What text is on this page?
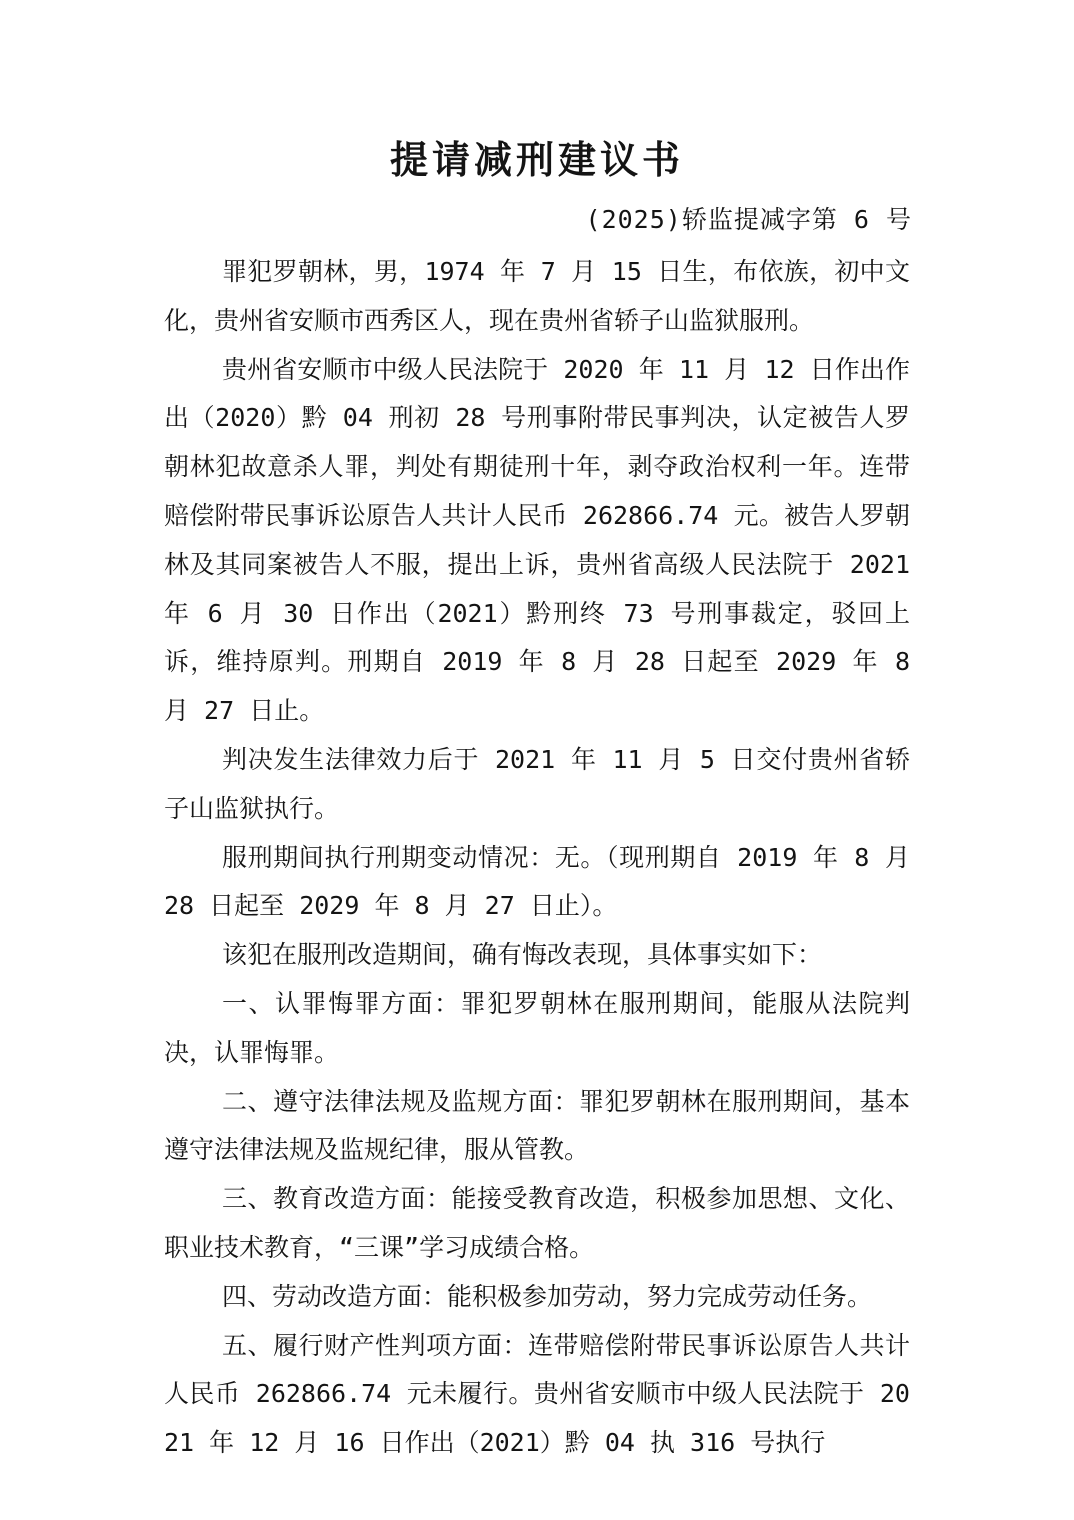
提请减刑建议书
(2025)轿监提减字第 6 号

罪犯罗朝林，男，1974 年 7 月 15 日生，布依族，初中文化，贵州省安顺市西秀区人，现在贵州省轿子山监狱服刑。

贵州省安顺市中级人民法院于 2020 年 11 月 12 日作出作出（2020）黔 04 刑初 28 号刑事附带民事判决，认定被告人罗朝林犯故意杀人罪，判处有期徒刑十年，剥夺政治权利一年。连带赔偿附带民事诉讼原告人共计人民币 262866.74 元。被告人罗朝林及其同案被告人不服，提出上诉，贵州省高级人民法院于 2021 年 6 月 30 日作出（2021）黔刑终 73 号刑事裁定，驳回上诉，维持原判。刑期自 2019 年 8 月 28 日起至 2029 年 8 月 27 日止。

判决发生法律效力后于 2021 年 11 月 5 日交付贵州省轿子山监狱执行。

服刑期间执行刑期变动情况：无。（现刑期自 2019 年 8 月 28 日起至 2029 年 8 月 27 日止）。

该犯在服刑改造期间，确有悔改表现，具体事实如下：

一、认罪悔罪方面：罪犯罗朝林在服刑期间，能服从法院判决，认罪悔罪。

二、遵守法律法规及监规方面：罪犯罗朝林在服刑期间，基本遵守法律法规及监规纪律，服从管教。

三、教育改造方面：能接受教育改造，积极参加思想、文化、职业技术教育，“三课”学习成绩合格。

四、劳动改造方面：能积极参加劳动，努力完成劳动任务。

五、履行财产性判项方面：连带赔偿附带民事诉讼原告人共计人民币 262866.74 元未履行。贵州省安顺市中级人民法院于 2021 年 12 月 16 日作出（2021）黔 04 执 316 号执行
